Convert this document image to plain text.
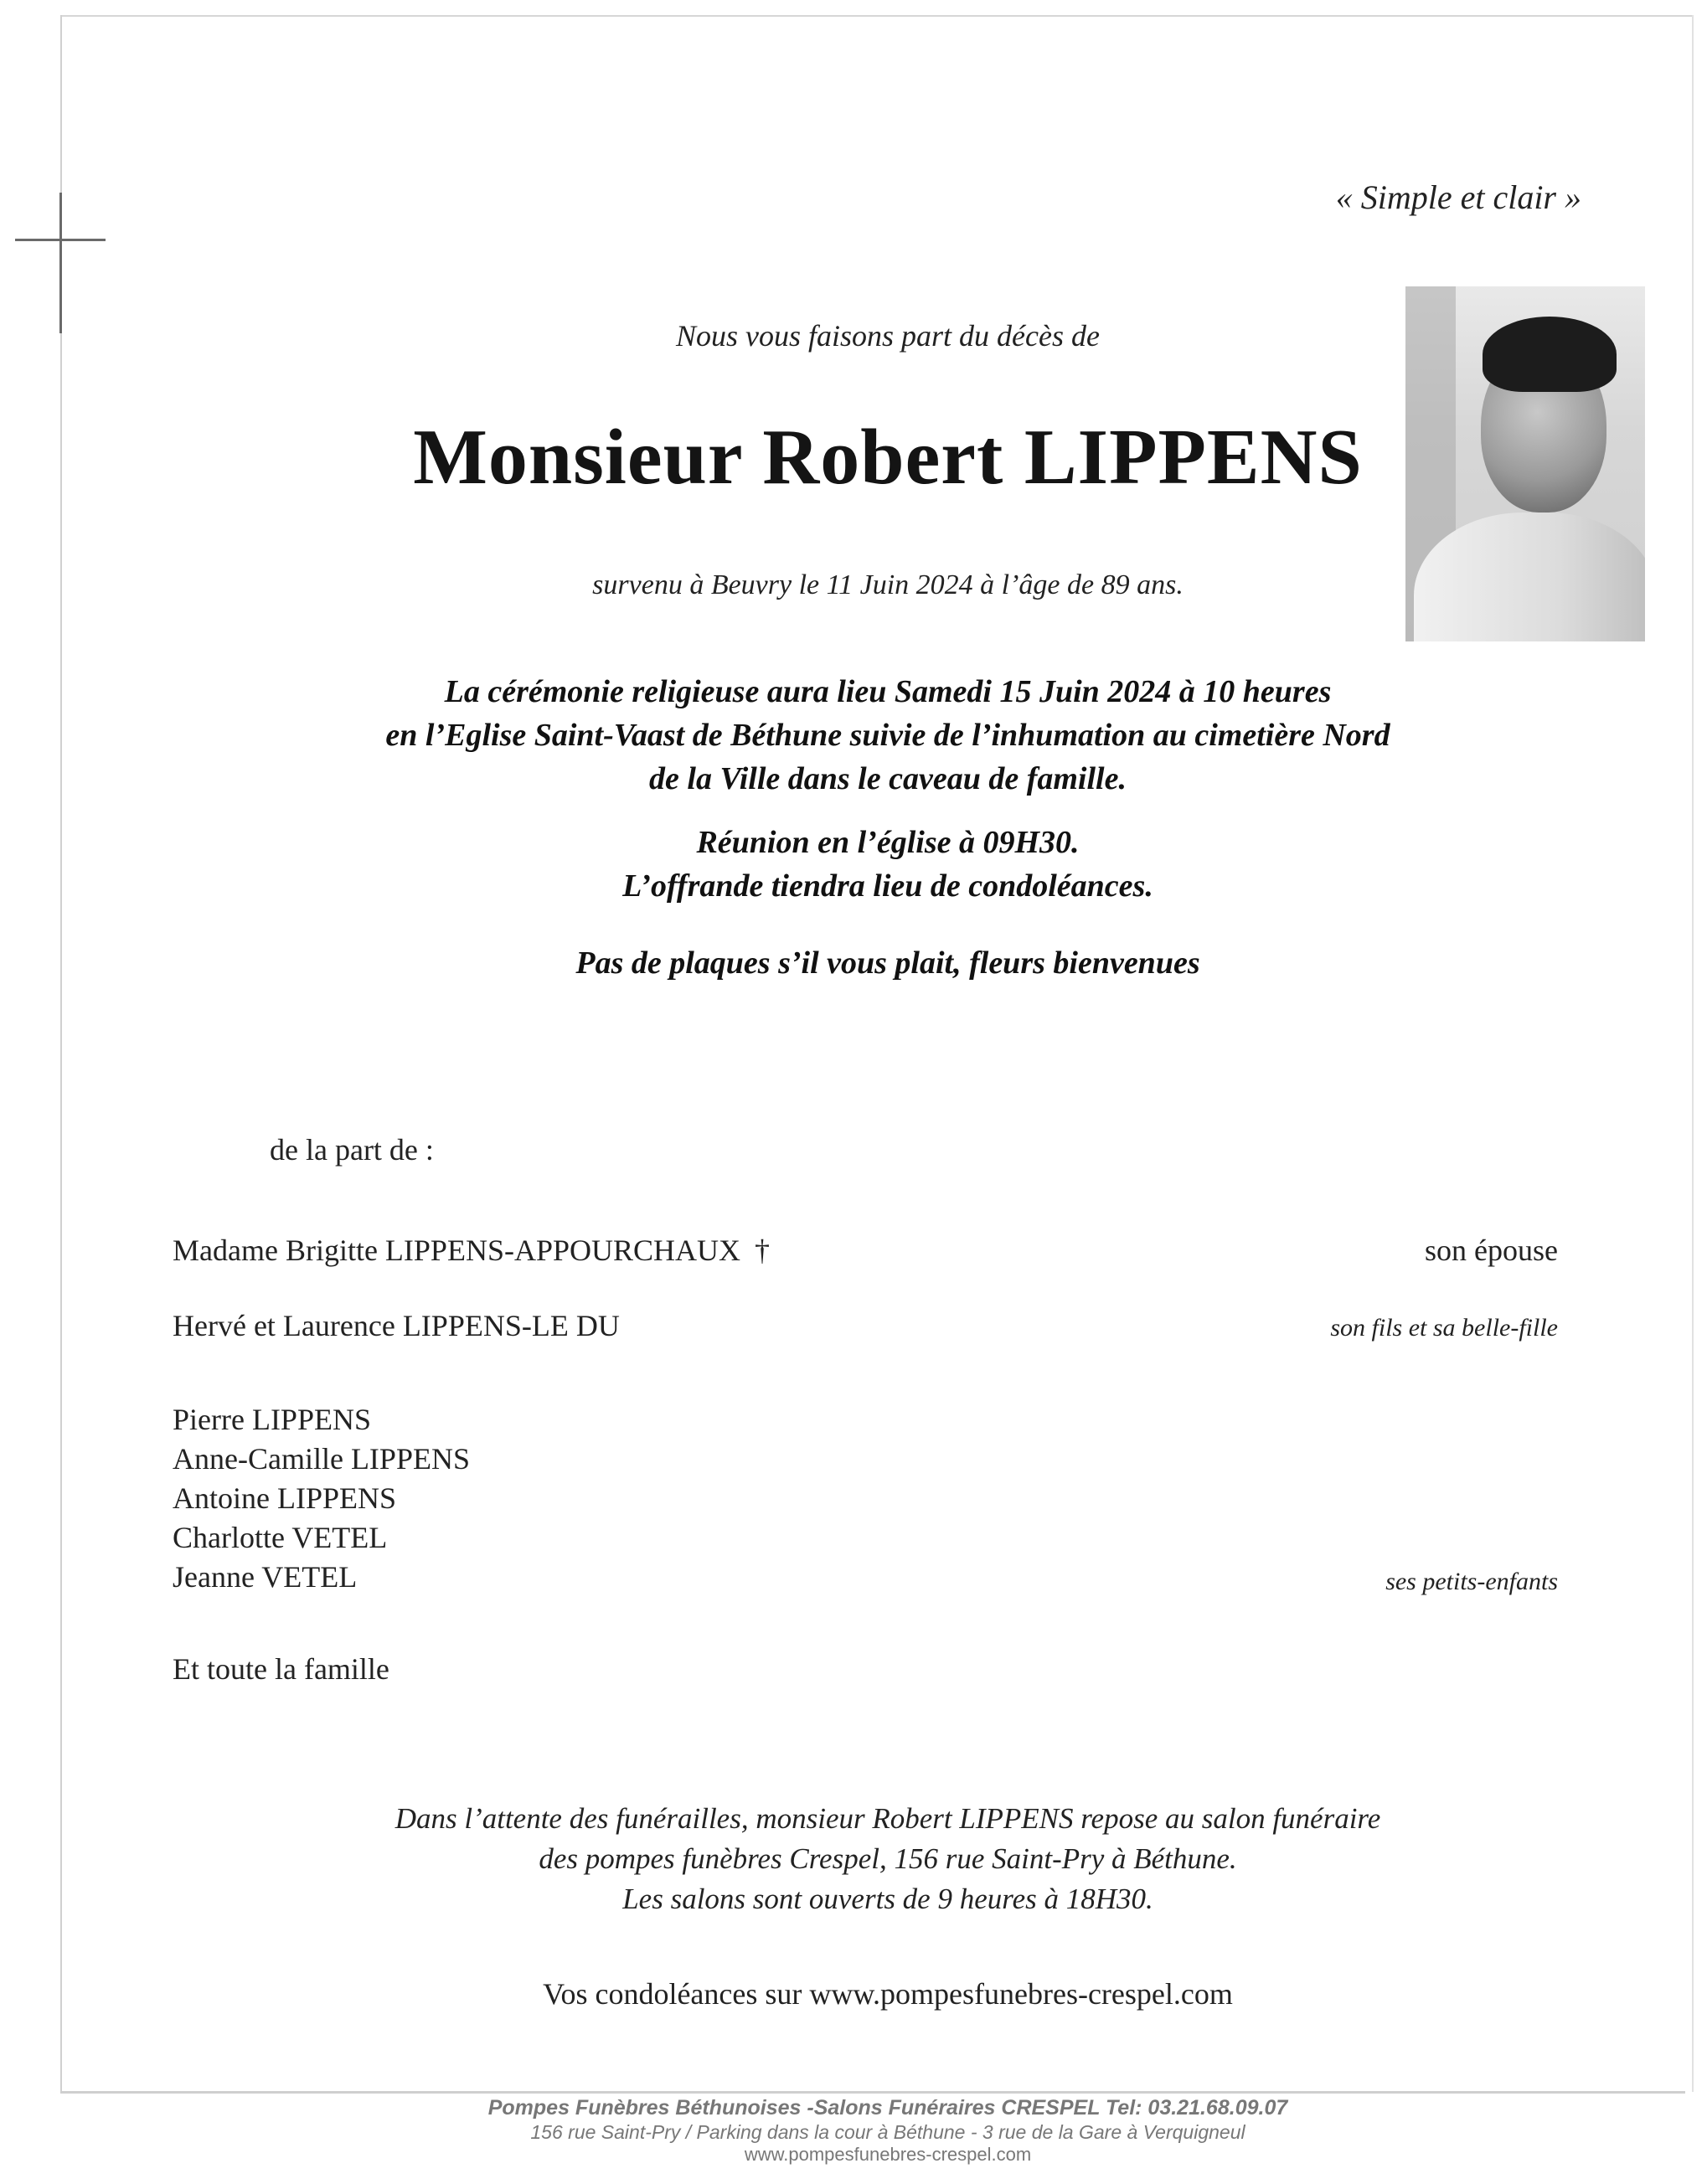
« Simple et clair »
Nous vous faisons part du décès de
Monsieur Robert LIPPENS
survenu à Beuvry le 11 Juin 2024 à l’âge de 89 ans.
La cérémonie religieuse aura lieu Samedi 15 Juin 2024 à 10 heures
en l’Eglise Saint-Vaast de Béthune suivie de l’inhumation au cimetière Nord
de la Ville dans le caveau de famille.
Réunion en l’église à 09H30.
L’offrande tiendra lieu de condoléances.
Pas de plaques s’il vous plait, fleurs bienvenues
de la part de :
Madame Brigitte LIPPENS-APPOURCHAUX †	son épouse
Hervé et Laurence LIPPENS-LE DU	son fils et sa belle-fille
Pierre LIPPENS
Anne-Camille LIPPENS
Antoine LIPPENS
Charlotte VETEL
Jeanne VETEL	ses petits-enfants
Et toute la famille
Dans l’attente des funérailles, monsieur Robert LIPPENS repose au salon funéraire
des pompes funèbres Crespel, 156 rue Saint-Pry à Béthune.
Les salons sont ouverts de 9 heures à 18H30.
Vos condoléances sur www.pompesfunebres-crespel.com
Pompes Funèbres Béthunoises -Salons Funéraires CRESPEL Tel: 03.21.68.09.07
156 rue Saint-Pry / Parking dans la cour à Béthune - 3 rue de la Gare à Verquigneul
www.pompesfunebres-crespel.com
